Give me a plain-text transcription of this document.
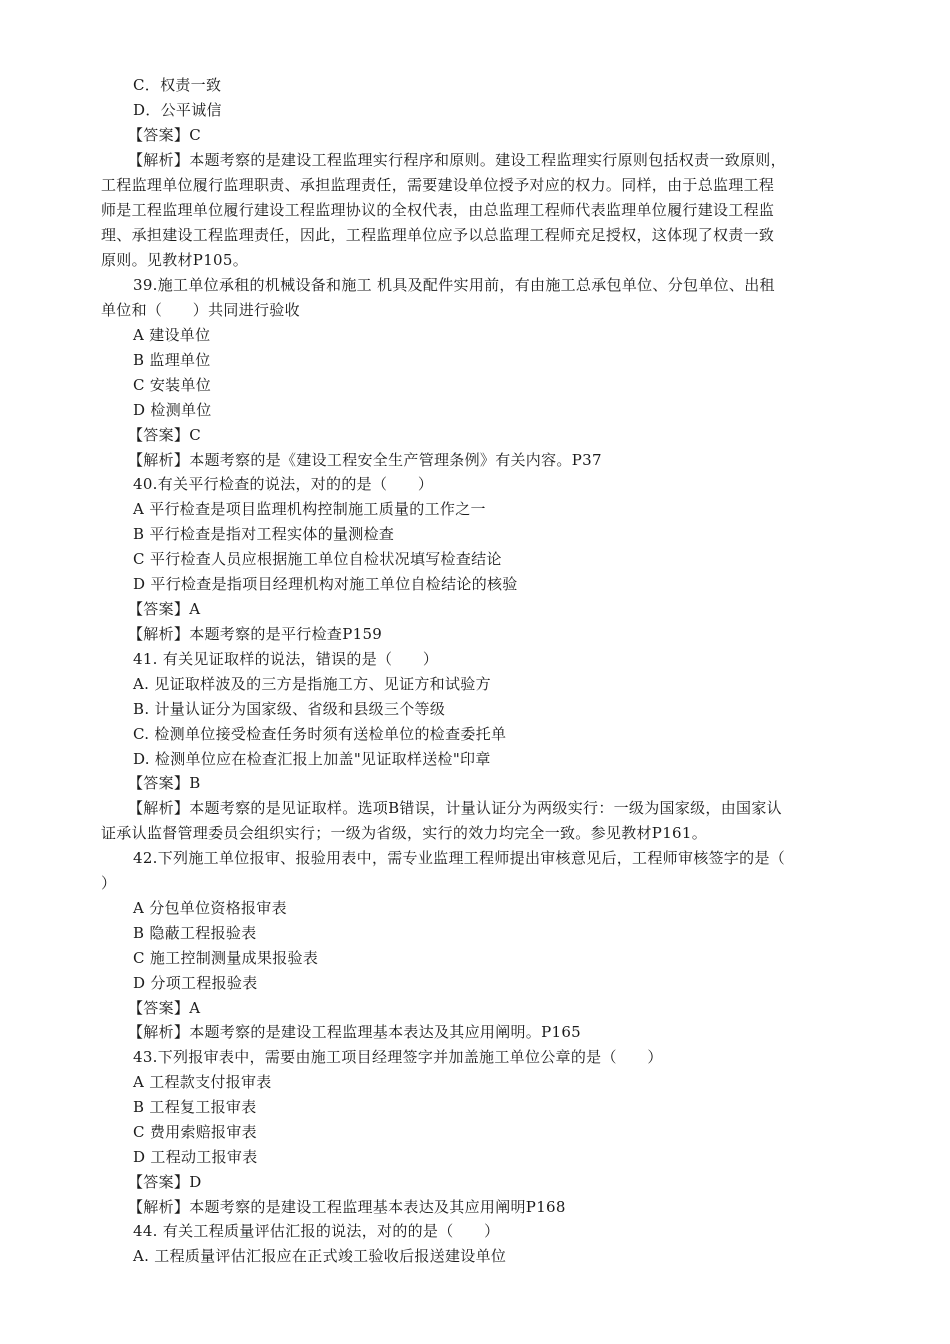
C．权责一致
D．公平诚信
【答案】C
【解析】本题考察的是建设工程监理实行程序和原则。建设工程监理实行原则包括权责一致原则，
工程监理单位履行监理职责、承担监理责任，需要建设单位授予对应的权力。同样，由于总监理工程
师是工程监理单位履行建设工程监理协议的全权代表，由总监理工程师代表监理单位履行建设工程监
理、承担建设工程监理责任，因此，工程监理单位应予以总监理工程师充足授权，这体现了权责一致
原则。见教材P105。
39.施工单位承租的机械设备和施工 机具及配件实用前，有由施工总承包单位、分包单位、出租
单位和（　　）共同进行验收
A 建设单位
B 监理单位
C 安装单位
D 检测单位
【答案】C
【解析】本题考察的是《建设工程安全生产管理条例》有关内容。P37
40.有关平行检查的说法，对的的是（　　）
A 平行检查是项目监理机构控制施工质量的工作之一
B 平行检查是指对工程实体的量测检查
C 平行检查人员应根据施工单位自检状况填写检查结论
D 平行检查是指项目经理机构对施工单位自检结论的核验
【答案】A
【解析】本题考察的是平行检查P159
41. 有关见证取样的说法，错误的是（　　）
A. 见证取样波及的三方是指施工方、见证方和试验方
B. 计量认证分为国家级、省级和县级三个等级
C. 检测单位接受检查任务时须有送检单位的检查委托单
D. 检测单位应在检查汇报上加盖"见证取样送检"印章
【答案】B
【解析】本题考察的是见证取样。选项B错误，计量认证分为两级实行：一级为国家级，由国家认
证承认监督管理委员会组织实行；一级为省级，实行的效力均完全一致。参见教材P161。
42.下列施工单位报审、报验用表中，需专业监理工程师提出审核意见后，工程师审核签字的是（
）
A 分包单位资格报审表
B 隐蔽工程报验表
C 施工控制测量成果报验表
D 分项工程报验表
【答案】A
【解析】本题考察的是建设工程监理基本表达及其应用阐明。P165
43.下列报审表中，需要由施工项目经理签字并加盖施工单位公章的是（　　）
A 工程款支付报审表
B 工程复工报审表
C 费用索赔报审表
D 工程动工报审表
【答案】D
【解析】本题考察的是建设工程监理基本表达及其应用阐明P168
44. 有关工程质量评估汇报的说法，对的的是（　　）
A. 工程质量评估汇报应在正式竣工验收后报送建设单位
